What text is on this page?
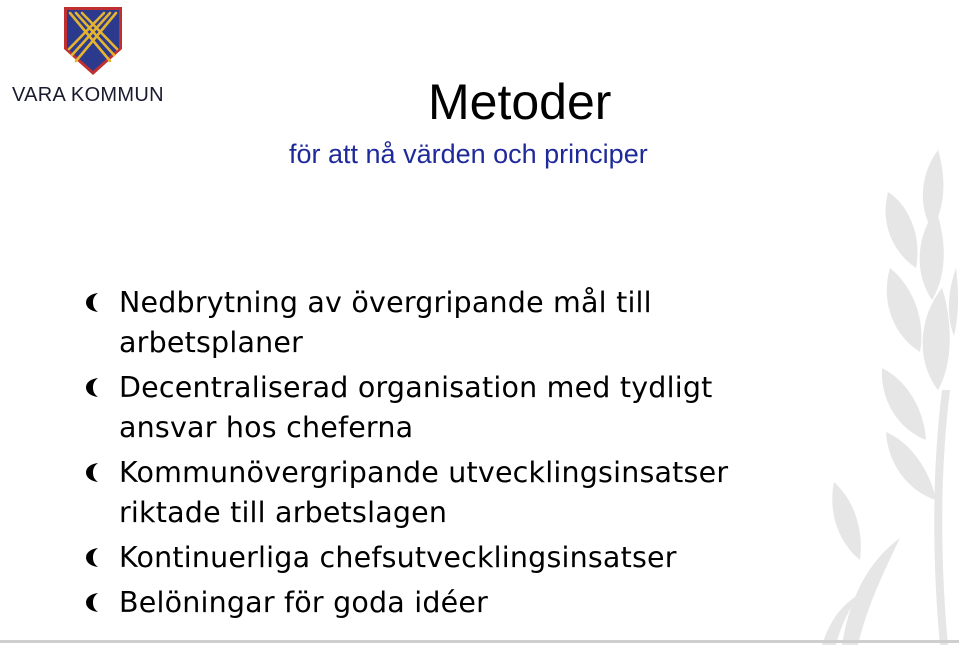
VARA KOMMUN	Metoder
för att nå värden och principer
Nedbrytning av övergripande mål till
arbetsplaner
Decentraliserad organisation med tydligt
ansvar hos cheferna
Kommunövergripande utvecklingsinsatser
riktade till arbetslagen
Kontinuerliga chefsutvecklingsinsatser
Belöningar för goda idéer
